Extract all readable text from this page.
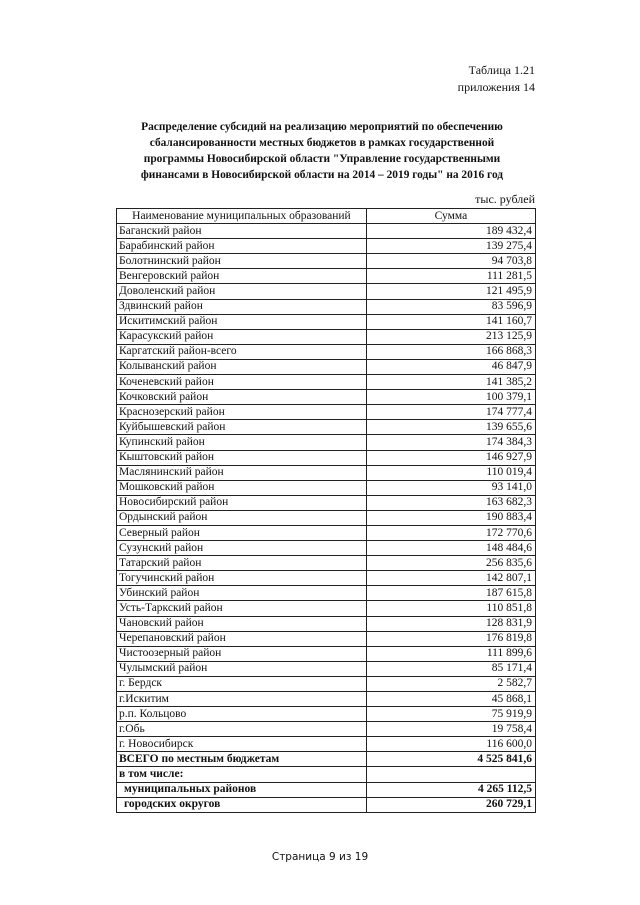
Таблица 1.21
приложения 14
Распределение субсидий на реализацию мероприятий по обеспечению
сбалансированности местных бюджетов в рамках государственной
программы Новосибирской области "Управление государственными
финансами в Новосибирской области на 2014 – 2019 годы" на 2016 год
тыс. рублей
Наименование муниципальных образований	Сумма
Баганский район	189 432,4
Барабинский район	139 275,4
Болотнинский район	94 703,8
Венгеровский район	111 281,5
Доволенский район	121 495,9
Здвинский район	83 596,9
Искитимский район	141 160,7
Карасукский район	213 125,9
Каргатский район-всего	166 868,3
Колыванский район	46 847,9
Коченевский район	141 385,2
Кочковский район	100 379,1
Краснозерский район	174 777,4
Куйбышевский район	139 655,6
Купинский район	174 384,3
Кыштовский район	146 927,9
Маслянинский район	110 019,4
Мошковский район	93 141,0
Новосибирский район	163 682,3
Ордынский район	190 883,4
Северный район	172 770,6
Сузунский район	148 484,6
Татарский район	256 835,6
Тогучинский район	142 807,1
Убинский район	187 615,8
Усть-Таркский район	110 851,8
Чановский район	128 831,9
Черепановский район	176 819,8
Чистоозерный район	111 899,6
Чулымский район	85 171,4
г. Бердск	2 582,7
г.Искитим	45 868,1
р.п. Кольцово	75 919,9
г.Обь	19 758,4
г. Новосибирск	116 600,0
ВСЕГО по местным бюджетам	4 525 841,6
в том числе:	
муниципальных районов	4 265 112,5
городских округов	260 729,1
Страница 9 из 19
